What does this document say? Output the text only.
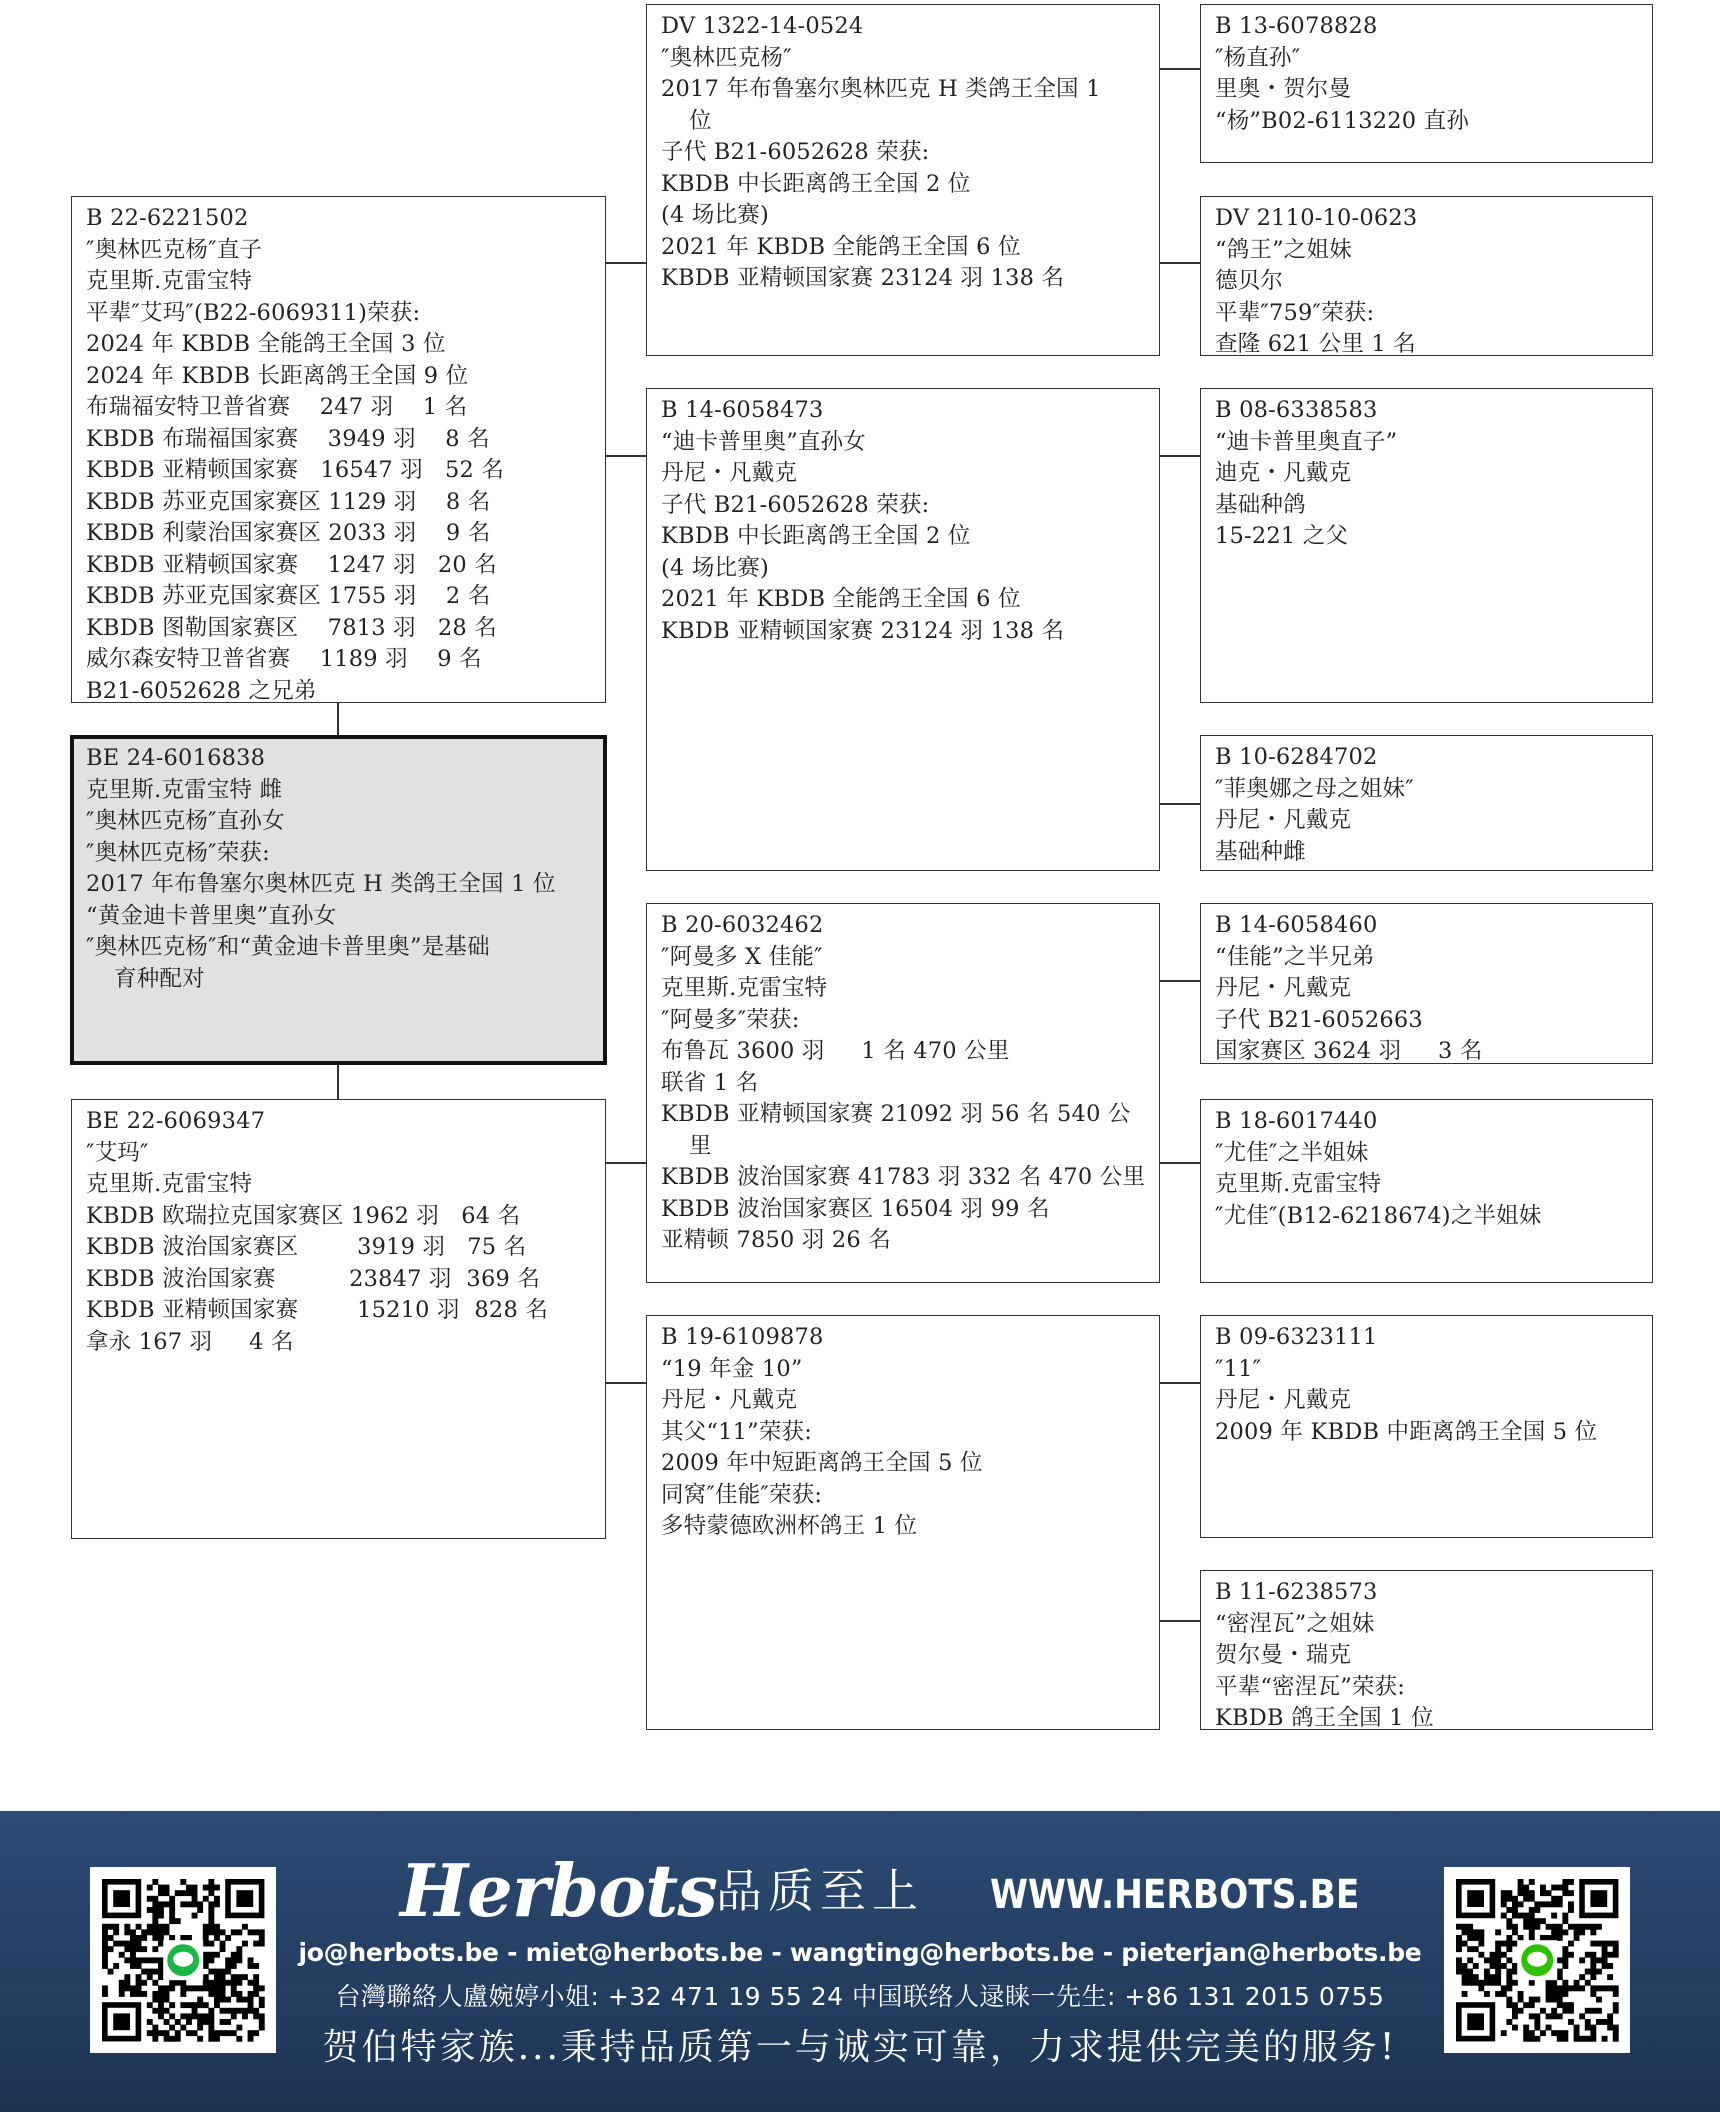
B 22-6221502
″奥林匹克杨″直子
克里斯.克雷宝特
平辈″艾玛″(B22-6069311)荣获:
2024 年 KBDB 全能鸽王全国 3 位
2024 年 KBDB 长距离鸽王全国 9 位
布瑞福安特卫普省赛    247 羽    1 名
KBDB 布瑞福国家赛    3949 羽    8 名
KBDB 亚精顿国家赛   16547 羽   52 名
KBDB 苏亚克国家赛区 1129 羽    8 名
KBDB 利蒙治国家赛区 2033 羽    9 名
KBDB 亚精顿国家赛    1247 羽   20 名
KBDB 苏亚克国家赛区 1755 羽    2 名
KBDB 图勒国家赛区    7813 羽   28 名
威尔森安特卫普省赛    1189 羽    9 名
B21-6052628 之兄弟
BE 24-6016838
克里斯.克雷宝特 雌
″奥林匹克杨″直孙女
″奥林匹克杨″荣获:
2017 年布鲁塞尔奥林匹克 H 类鸽王全国 1 位
“黄金迪卡普里奥”直孙女
″奥林匹克杨″和“黄金迪卡普里奥”是基础
育种配对
BE 22-6069347
″艾玛″
克里斯.克雷宝特
KBDB 欧瑞拉克国家赛区 1962 羽   64 名
KBDB 波治国家赛区        3919 羽   75 名
KBDB 波治国家赛          23847 羽  369 名
KBDB 亚精顿国家赛        15210 羽  828 名
拿永 167 羽     4 名
DV 1322-14-0524
″奥林匹克杨″
2017 年布鲁塞尔奥林匹克 H 类鸽王全国 1
位
子代 B21-6052628 荣获:
KBDB 中长距离鸽王全国 2 位
(4 场比赛)
2021 年 KBDB 全能鸽王全国 6 位
KBDB 亚精顿国家赛 23124 羽 138 名
B 14-6058473
“迪卡普里奥”直孙女
丹尼・凡戴克
子代 B21-6052628 荣获:
KBDB 中长距离鸽王全国 2 位
(4 场比赛)
2021 年 KBDB 全能鸽王全国 6 位
KBDB 亚精顿国家赛 23124 羽 138 名
B 20-6032462
″阿曼多 X 佳能″
克里斯.克雷宝特
″阿曼多″荣获:
布鲁瓦 3600 羽     1 名 470 公里
联省 1 名
KBDB 亚精顿国家赛 21092 羽 56 名 540 公
里
KBDB 波治国家赛 41783 羽 332 名 470 公里
KBDB 波治国家赛区 16504 羽 99 名
亚精顿 7850 羽 26 名
B 19-6109878
“19 年金 10”
丹尼・凡戴克
其父“11”荣获:
2009 年中短距离鸽王全国 5 位
同窝″佳能″荣获:
多特蒙德欧洲杯鸽王 1 位
B 13-6078828
″杨直孙″
里奥・贺尔曼
“杨”B02-6113220 直孙
DV 2110-10-0623
“鸽王”之姐妹
德贝尔
平辈″759″荣获:
查隆 621 公里 1 名
B 08-6338583
“迪卡普里奥直子”
迪克・凡戴克
基础种鸽
15-221 之父
B 10-6284702
″菲奥娜之母之姐妹″
丹尼・凡戴克
基础种雌
B 14-6058460
“佳能”之半兄弟
丹尼・凡戴克
子代 B21-6052663
国家赛区 3624 羽     3 名
B 18-6017440
″尤佳″之半姐妹
克里斯.克雷宝特
″尤佳″(B12-6218674)之半姐妹
B 09-6323111
″11″
丹尼・凡戴克
2009 年 KBDB 中距离鸽王全国 5 位
B 11-6238573
“密涅瓦”之姐妹
贺尔曼・瑞克
平辈“密涅瓦”荣获:
KBDB 鸽王全国 1 位
Herbots 品质至上 WWW.HERBOTS.BE
jo@herbots.be - miet@herbots.be - wangting@herbots.be - pieterjan@herbots.be
台灣聯絡人盧婉婷小姐: +32 471 19 55 24 中国联络人逯睐一先生: +86 131 2015 0755
贺伯特家族...秉持品质第一与诚实可靠，力求提供完美的服务!
